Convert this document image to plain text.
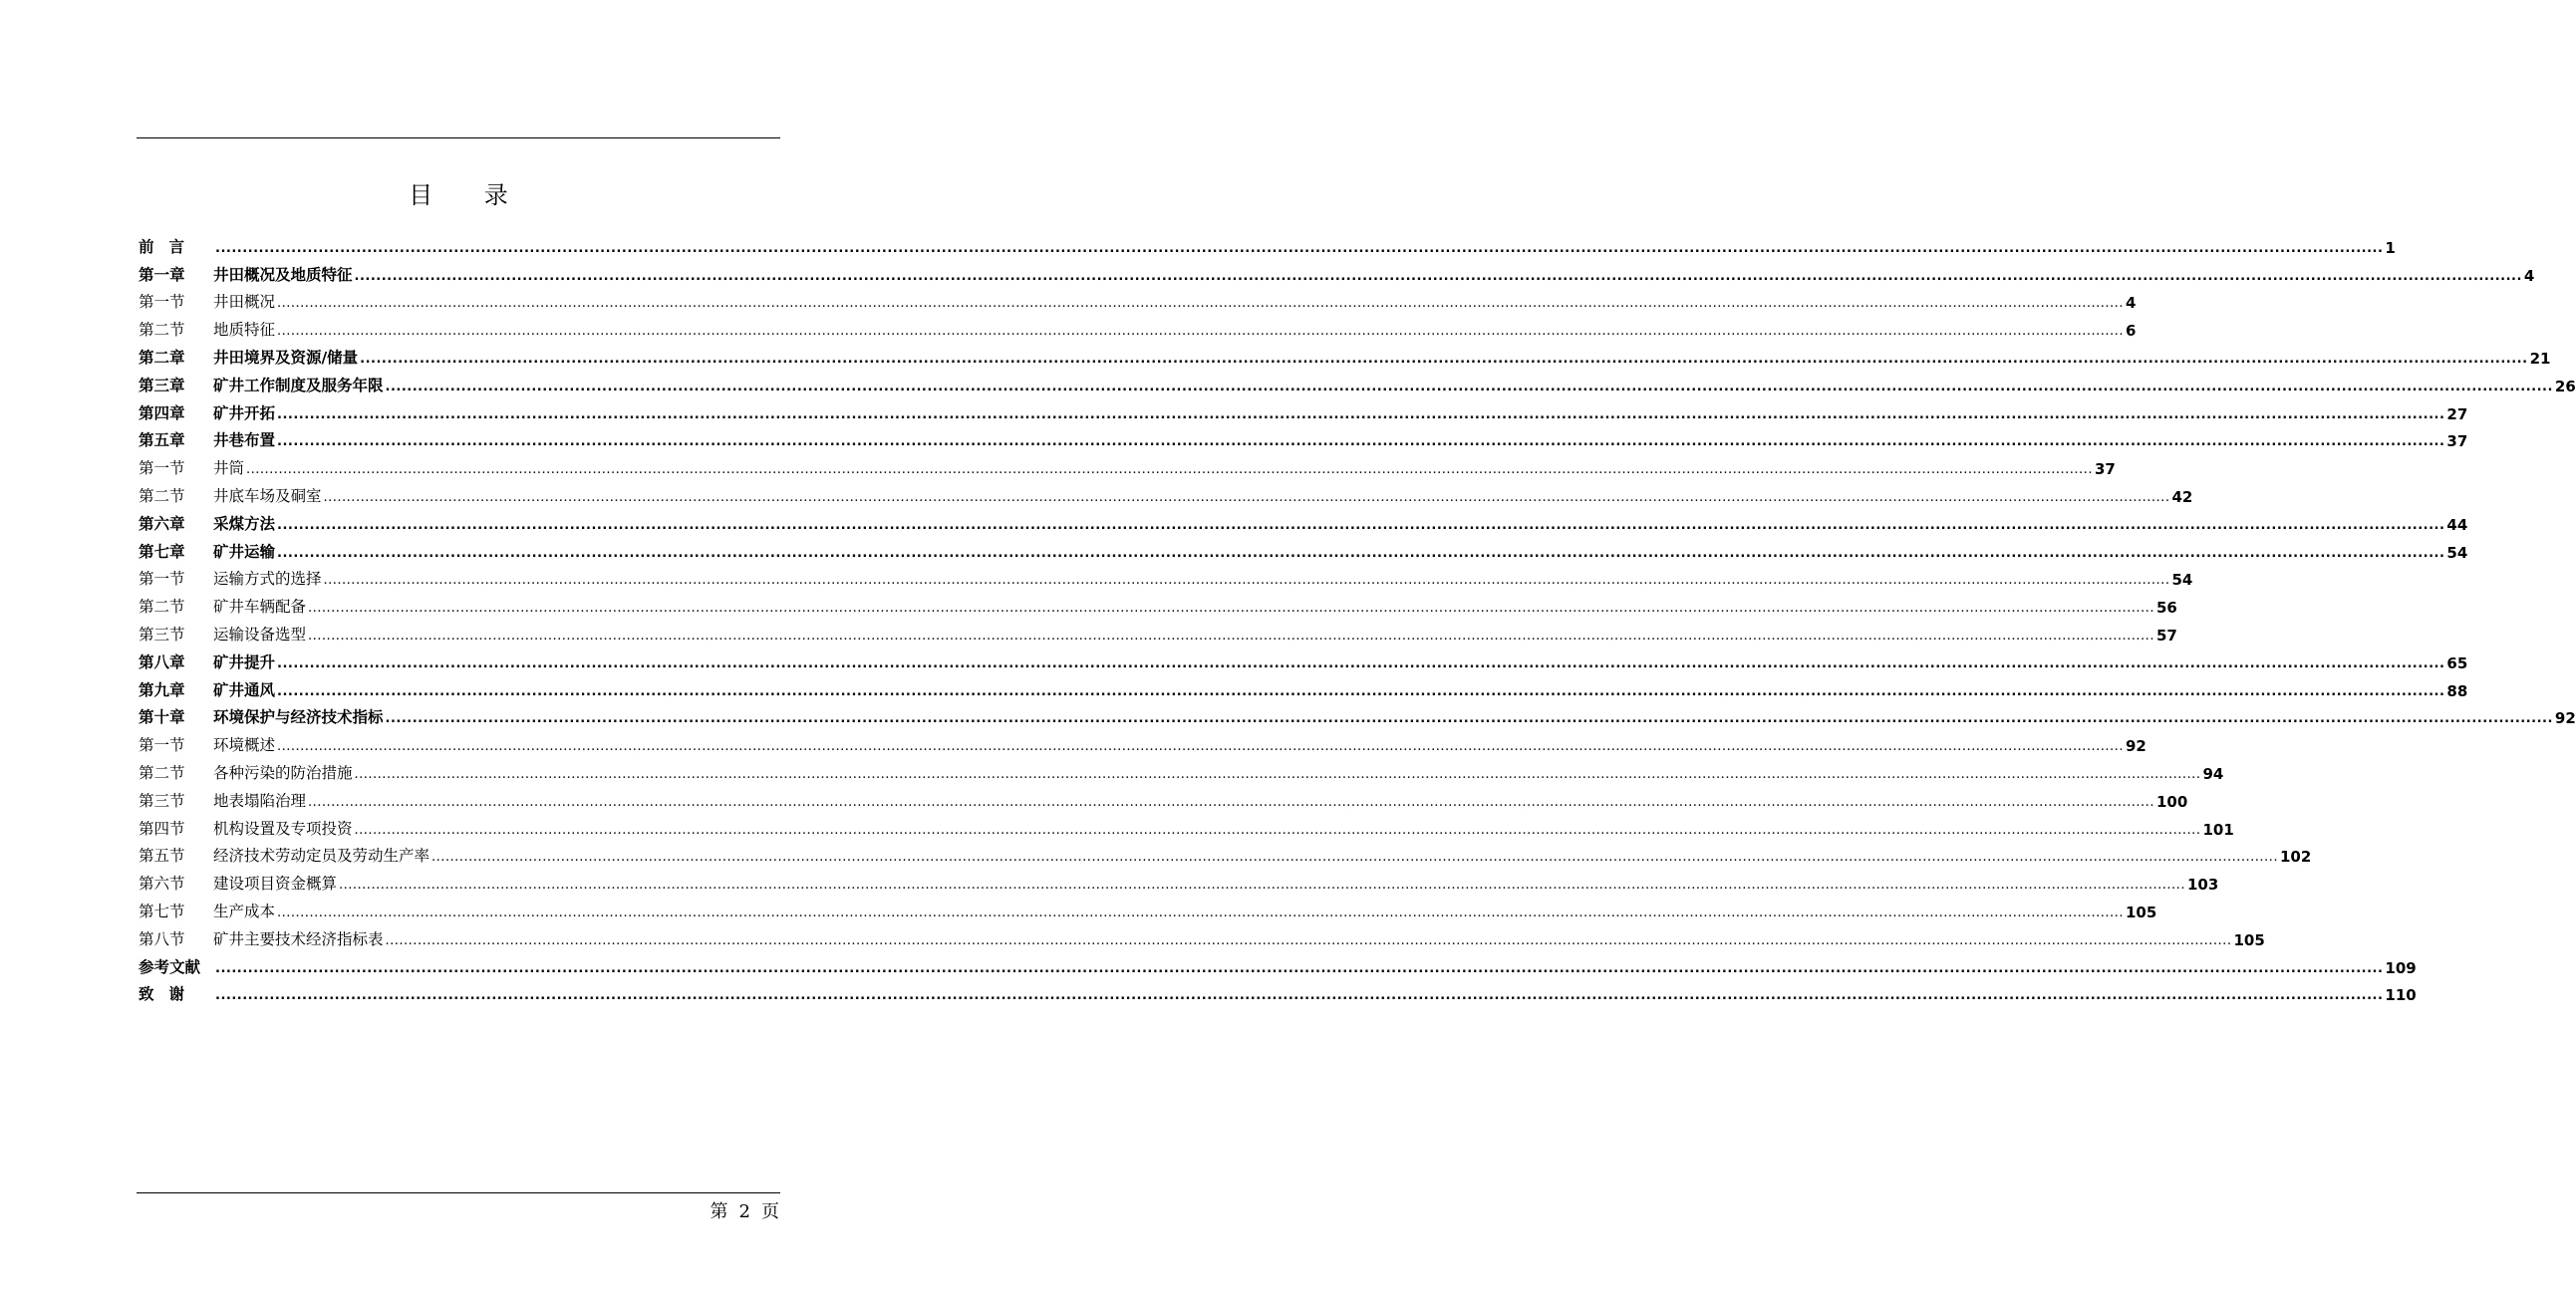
目 录
前言	................................................................................................................................................................................................................................................................................................................................................................................................................ 1
第一章	井田概况及地质特征 ................................................................................................................................................................................................................................................................................................................................................................................................................ 4
第一节	井田概况 ................................................................................................................................................................................................................................................................................................................................................................................................................ 4
第二节	地质特征 ................................................................................................................................................................................................................................................................................................................................................................................................................ 6
第二章	井田境界及资源/储量 ................................................................................................................................................................................................................................................................................................................................................................................................................ 21
第三章	矿井工作制度及服务年限 ................................................................................................................................................................................................................................................................................................................................................................................................................ 26
第四章	矿井开拓 ................................................................................................................................................................................................................................................................................................................................................................................................................ 27
第五章	井巷布置 ................................................................................................................................................................................................................................................................................................................................................................................................................ 37
第一节	井筒 ................................................................................................................................................................................................................................................................................................................................................................................................................ 37
第二节	井底车场及硐室 ................................................................................................................................................................................................................................................................................................................................................................................................................ 42
第六章	采煤方法 ................................................................................................................................................................................................................................................................................................................................................................................................................ 44
第七章	矿井运输 ................................................................................................................................................................................................................................................................................................................................................................................................................ 54
第一节	运输方式的选择 ................................................................................................................................................................................................................................................................................................................................................................................................................ 54
第二节	矿井车辆配备 ................................................................................................................................................................................................................................................................................................................................................................................................................ 56
第三节	运输设备选型 ................................................................................................................................................................................................................................................................................................................................................................................................................ 57
第八章	矿井提升 ................................................................................................................................................................................................................................................................................................................................................................................................................ 65
第九章	矿井通风 ................................................................................................................................................................................................................................................................................................................................................................................................................ 88
第十章	环境保护与经济技术指标 ................................................................................................................................................................................................................................................................................................................................................................................................................ 92
第一节	环境概述 ................................................................................................................................................................................................................................................................................................................................................................................................................ 92
第二节	各种污染的防治措施 ................................................................................................................................................................................................................................................................................................................................................................................................................ 94
第三节	地表塌陷治理 ................................................................................................................................................................................................................................................................................................................................................................................................................ 100
第四节	机构设置及专项投资 ................................................................................................................................................................................................................................................................................................................................................................................................................ 101
第五节	经济技术劳动定员及劳动生产率 ................................................................................................................................................................................................................................................................................................................................................................................................................ 102
第六节	建设项目资金概算 ................................................................................................................................................................................................................................................................................................................................................................................................................ 103
第七节	生产成本 ................................................................................................................................................................................................................................................................................................................................................................................................................ 105
第八节	矿井主要技术经济指标表 ................................................................................................................................................................................................................................................................................................................................................................................................................ 105
参考文献	................................................................................................................................................................................................................................................................................................................................................................................................................ 109
致谢	................................................................................................................................................................................................................................................................................................................................................................................................................ 110
第 2 页
